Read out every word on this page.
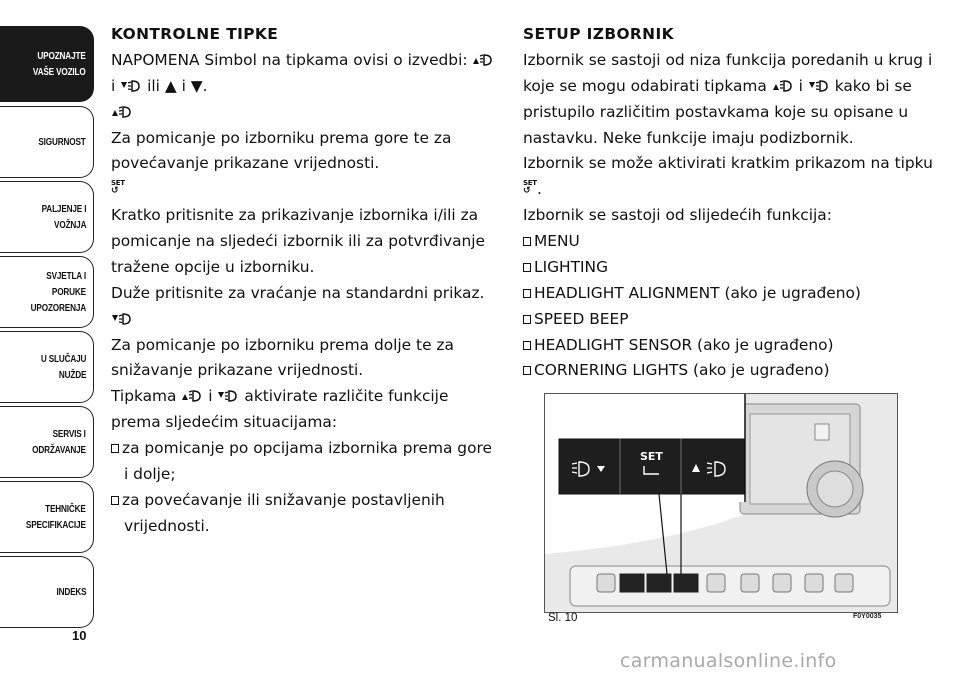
UPOZNAJTE
VAŠE VOZILO
SIGURNOST
PALJENJE I
VOŽNJA
SVJETLA I PORUKE
UPOZORENJA
U SLUČAJU
NUŽDE
SERVIS I
ODRŽAVANJE
TEHNIČKE
SPECIFIKACIJE
INDEKS
10

KONTROLNE TIPKE

NAPOMENA Simbol na tipkama ovisi o izvedbi:
i ili ▲ i ▼.

Za pomicanje po izborniku prema gore te za povećavanje prikazane vrijednosti.

SET
↺

Kratko pritisnite za prikazivanje izbornika i/ili za pomicanje na sljedeći izbornik ili za potvrđivanje tražene opcije u izborniku.

Duže pritisnite za vraćanje na standardni prikaz.

Za pomicanje po izborniku prema dolje te za snižavanje prikazane vrijednosti.

Tipkama i aktivirate različite funkcije prema sljedećim situacijama:

za pomicanje po opcijama izbornika prema gore i dolje;

za povećavanje ili snižavanje postavljenih vrijednosti.

SETUP IZBORNIK

Izbornik se sastoji od niza funkcija poredanih u krug i koje se mogu odabirati tipkama i kako bi se pristupilo različitim postavkama koje su opisane u nastavku. Neke funkcije imaju podizbornik.

Izbornik se može aktivirati kratkim prikazom na tipku

SET
↺ .

Izbornik se sastoji od slijedećih funkcija:

MENU

LIGHTING

HEADLIGHT ALIGNMENT (ako je ugrađeno)

SPEED BEEP

HEADLIGHT SENSOR (ako je ugrađeno)

CORNERING LIGHTS (ako je ugrađeno)

SET
Sl. 10	F0Y0035
carmanualsonline.info
